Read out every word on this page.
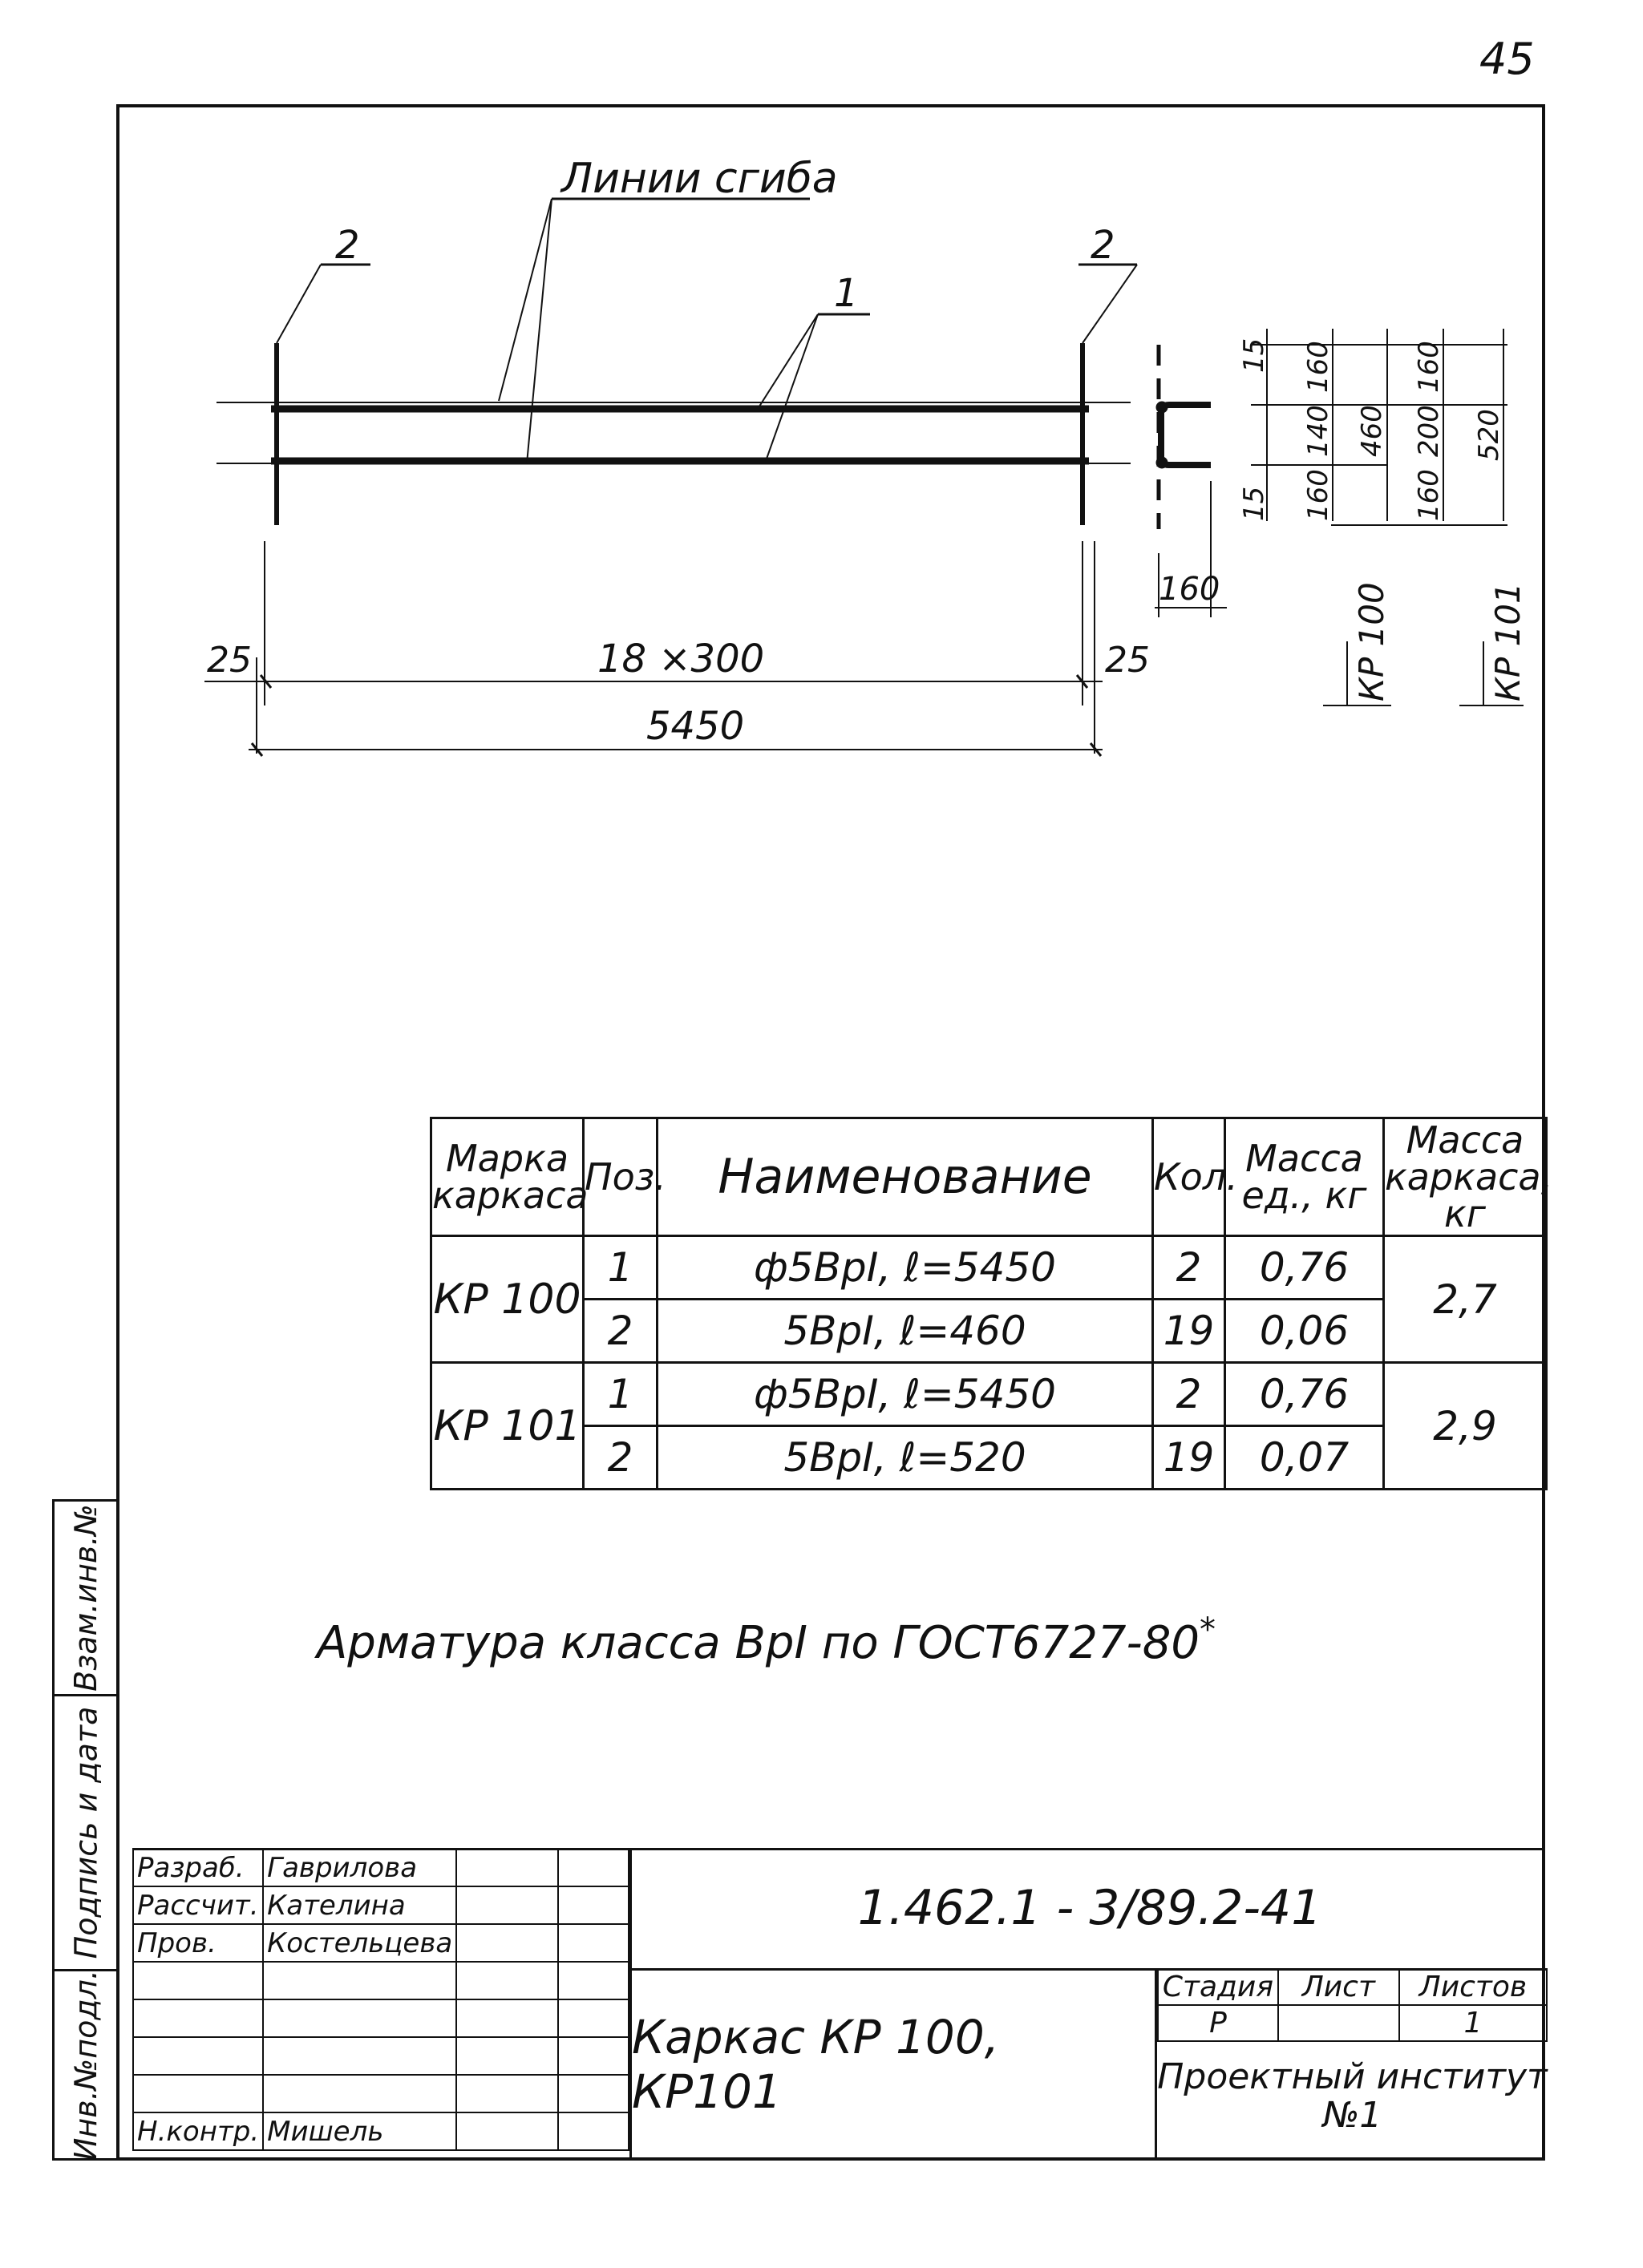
45
Линии сгиба
2	2
1
25	25
18 ×300
5450
160
15
15
160
140
160
460
160
200
160
520
КР 100	КР 101
Марка каркаса	Поз.	Наименование	Кол.	Масса ед., кг	Масса каркаса, кг
КР 100	1	ф5ВрI, ℓ=5450	2	0,76	2,7
	2	5ВрI, ℓ=460	19	0,06	
КР 101	1	ф5ВрI, ℓ=5450	2	0,76	2,9
	2	5ВрI, ℓ=520	19	0,07	
Арматура класса ВрI по ГОСТ6727-80*
Взам.инв.№
Подпись и дата
Инв.№подл.
Разраб.	Гаврилова		
Рассчит.	Кателина		
Пров.	Костельцева		

Н.контр.	Мишель		
1.462.1 - 3/89.2-41
Каркас КР 100, КР101
Стадия	Лист	Листов
Р		1
Проектный институт
№1
